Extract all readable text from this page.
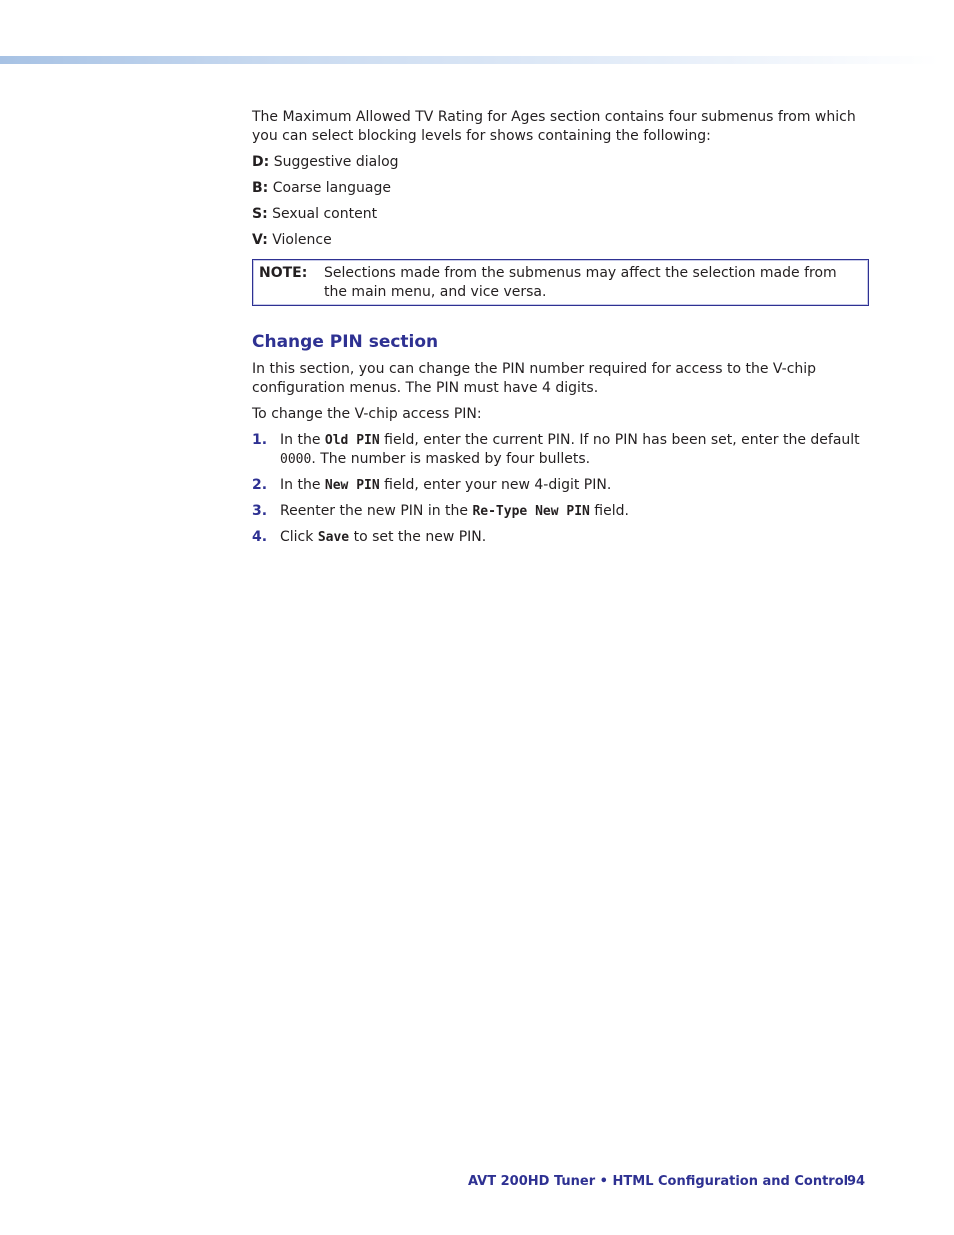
The Maximum Allowed TV Rating for Ages section contains four submenus from which you can select blocking levels for shows containing the following:

D: Suggestive dialog

B: Coarse language

S: Sexual content

V: Violence

NOTE:	Selections made from the submenus may affect the selection made from the main menu, and vice versa.
Change PIN section

In this section, you can change the PIN number required for access to the V-chip configuration menus. The PIN must have 4 digits.

To change the V-chip access PIN:

1. In the Old PIN field, enter the current PIN. If no PIN has been set, enter the default 0000. The number is masked by four bullets.
2. In the New PIN field, enter your new 4-digit PIN.
3. Reenter the new PIN in the Re-Type New PIN field.
4. Click Save to set the new PIN.
AVT 200HD Tuner • HTML Configuration and Control
94
